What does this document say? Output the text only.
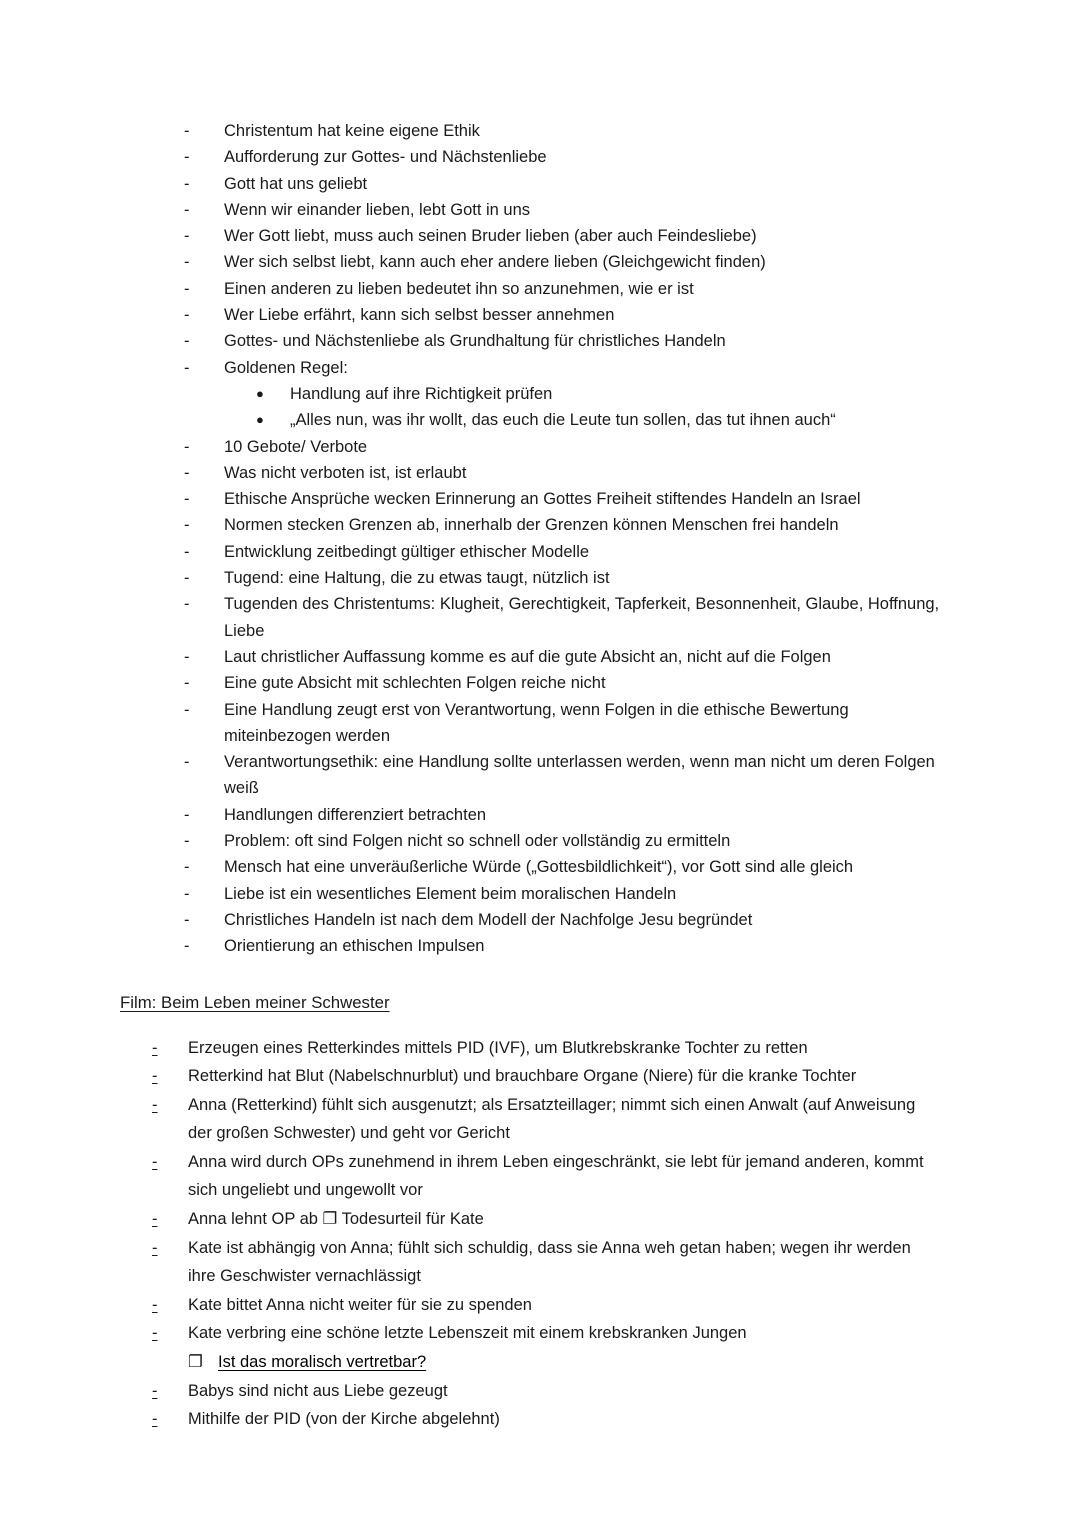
-	Christentum hat keine eigene Ethik
-	Aufforderung zur Gottes- und Nächstenliebe
-	Gott hat uns geliebt
-	Wenn wir einander lieben, lebt Gott in uns
-	Wer Gott liebt, muss auch seinen Bruder lieben (aber auch Feindesliebe)
-	Wer sich selbst liebt, kann auch eher andere lieben (Gleichgewicht finden)
-	Einen anderen zu lieben bedeutet ihn so anzunehmen, wie er ist
-	Wer Liebe erfährt, kann sich selbst besser annehmen
-	Gottes- und Nächstenliebe als Grundhaltung für christliches Handeln
-	Goldenen Regel:
●	Handlung auf ihre Richtigkeit prüfen
●	„Alles nun, was ihr wollt, das euch die Leute tun sollen, das tut ihnen auch“
-	10 Gebote/ Verbote
-	Was nicht verboten ist, ist erlaubt
-	Ethische Ansprüche wecken Erinnerung an Gottes Freiheit stiftendes Handeln an Israel
-	Normen stecken Grenzen ab, innerhalb der Grenzen können Menschen frei handeln
-	Entwicklung zeitbedingt gültiger ethischer Modelle
-	Tugend: eine Haltung, die zu etwas taugt, nützlich ist
-	Tugenden des Christentums: Klugheit, Gerechtigkeit, Tapferkeit, Besonnenheit, Glaube, Hoffnung, Liebe
-	Laut christlicher Auffassung komme es auf die gute Absicht an, nicht auf die Folgen
-	Eine gute Absicht mit schlechten Folgen reiche nicht
-	Eine Handlung zeugt erst von Verantwortung, wenn Folgen in die ethische Bewertung miteinbezogen werden
-	Verantwortungsethik: eine Handlung sollte unterlassen werden, wenn man nicht um deren Folgen weiß
-	Handlungen differenziert betrachten
-	Problem: oft sind Folgen nicht so schnell oder vollständig zu ermitteln
-	Mensch hat eine unveräußerliche Würde („Gottesbildlichkeit“), vor Gott sind alle gleich
-	Liebe ist ein wesentliches Element beim moralischen Handeln
-	Christliches Handeln ist nach dem Modell der Nachfolge Jesu begründet
-	Orientierung an ethischen Impulsen
Film: Beim Leben meiner Schwester
-	Erzeugen eines Retterkindes mittels PID (IVF), um Blutkrebskranke Tochter zu retten
-	Retterkind hat Blut (Nabelschnurblut) und brauchbare Organe (Niere) für die kranke Tochter
-	Anna (Retterkind) fühlt sich ausgenutzt; als Ersatzteillager; nimmt sich einen Anwalt (auf Anweisung der großen Schwester) und geht vor Gericht
-	Anna wird durch OPs zunehmend in ihrem Leben eingeschränkt, sie lebt für jemand anderen, kommt sich ungeliebt und ungewollt vor
-	Anna lehnt OP ab ❐ Todesurteil für Kate
-	Kate ist abhängig von Anna; fühlt sich schuldig, dass sie Anna weh getan haben; wegen ihr werden ihre Geschwister vernachlässigt
-	Kate bittet Anna nicht weiter für sie zu spenden
-	Kate verbring eine schöne letzte Lebenszeit mit einem krebskranken Jungen
❐ Ist das moralisch vertretbar?
-	Babys sind nicht aus Liebe gezeugt
-	Mithilfe der PID (von der Kirche abgelehnt)
